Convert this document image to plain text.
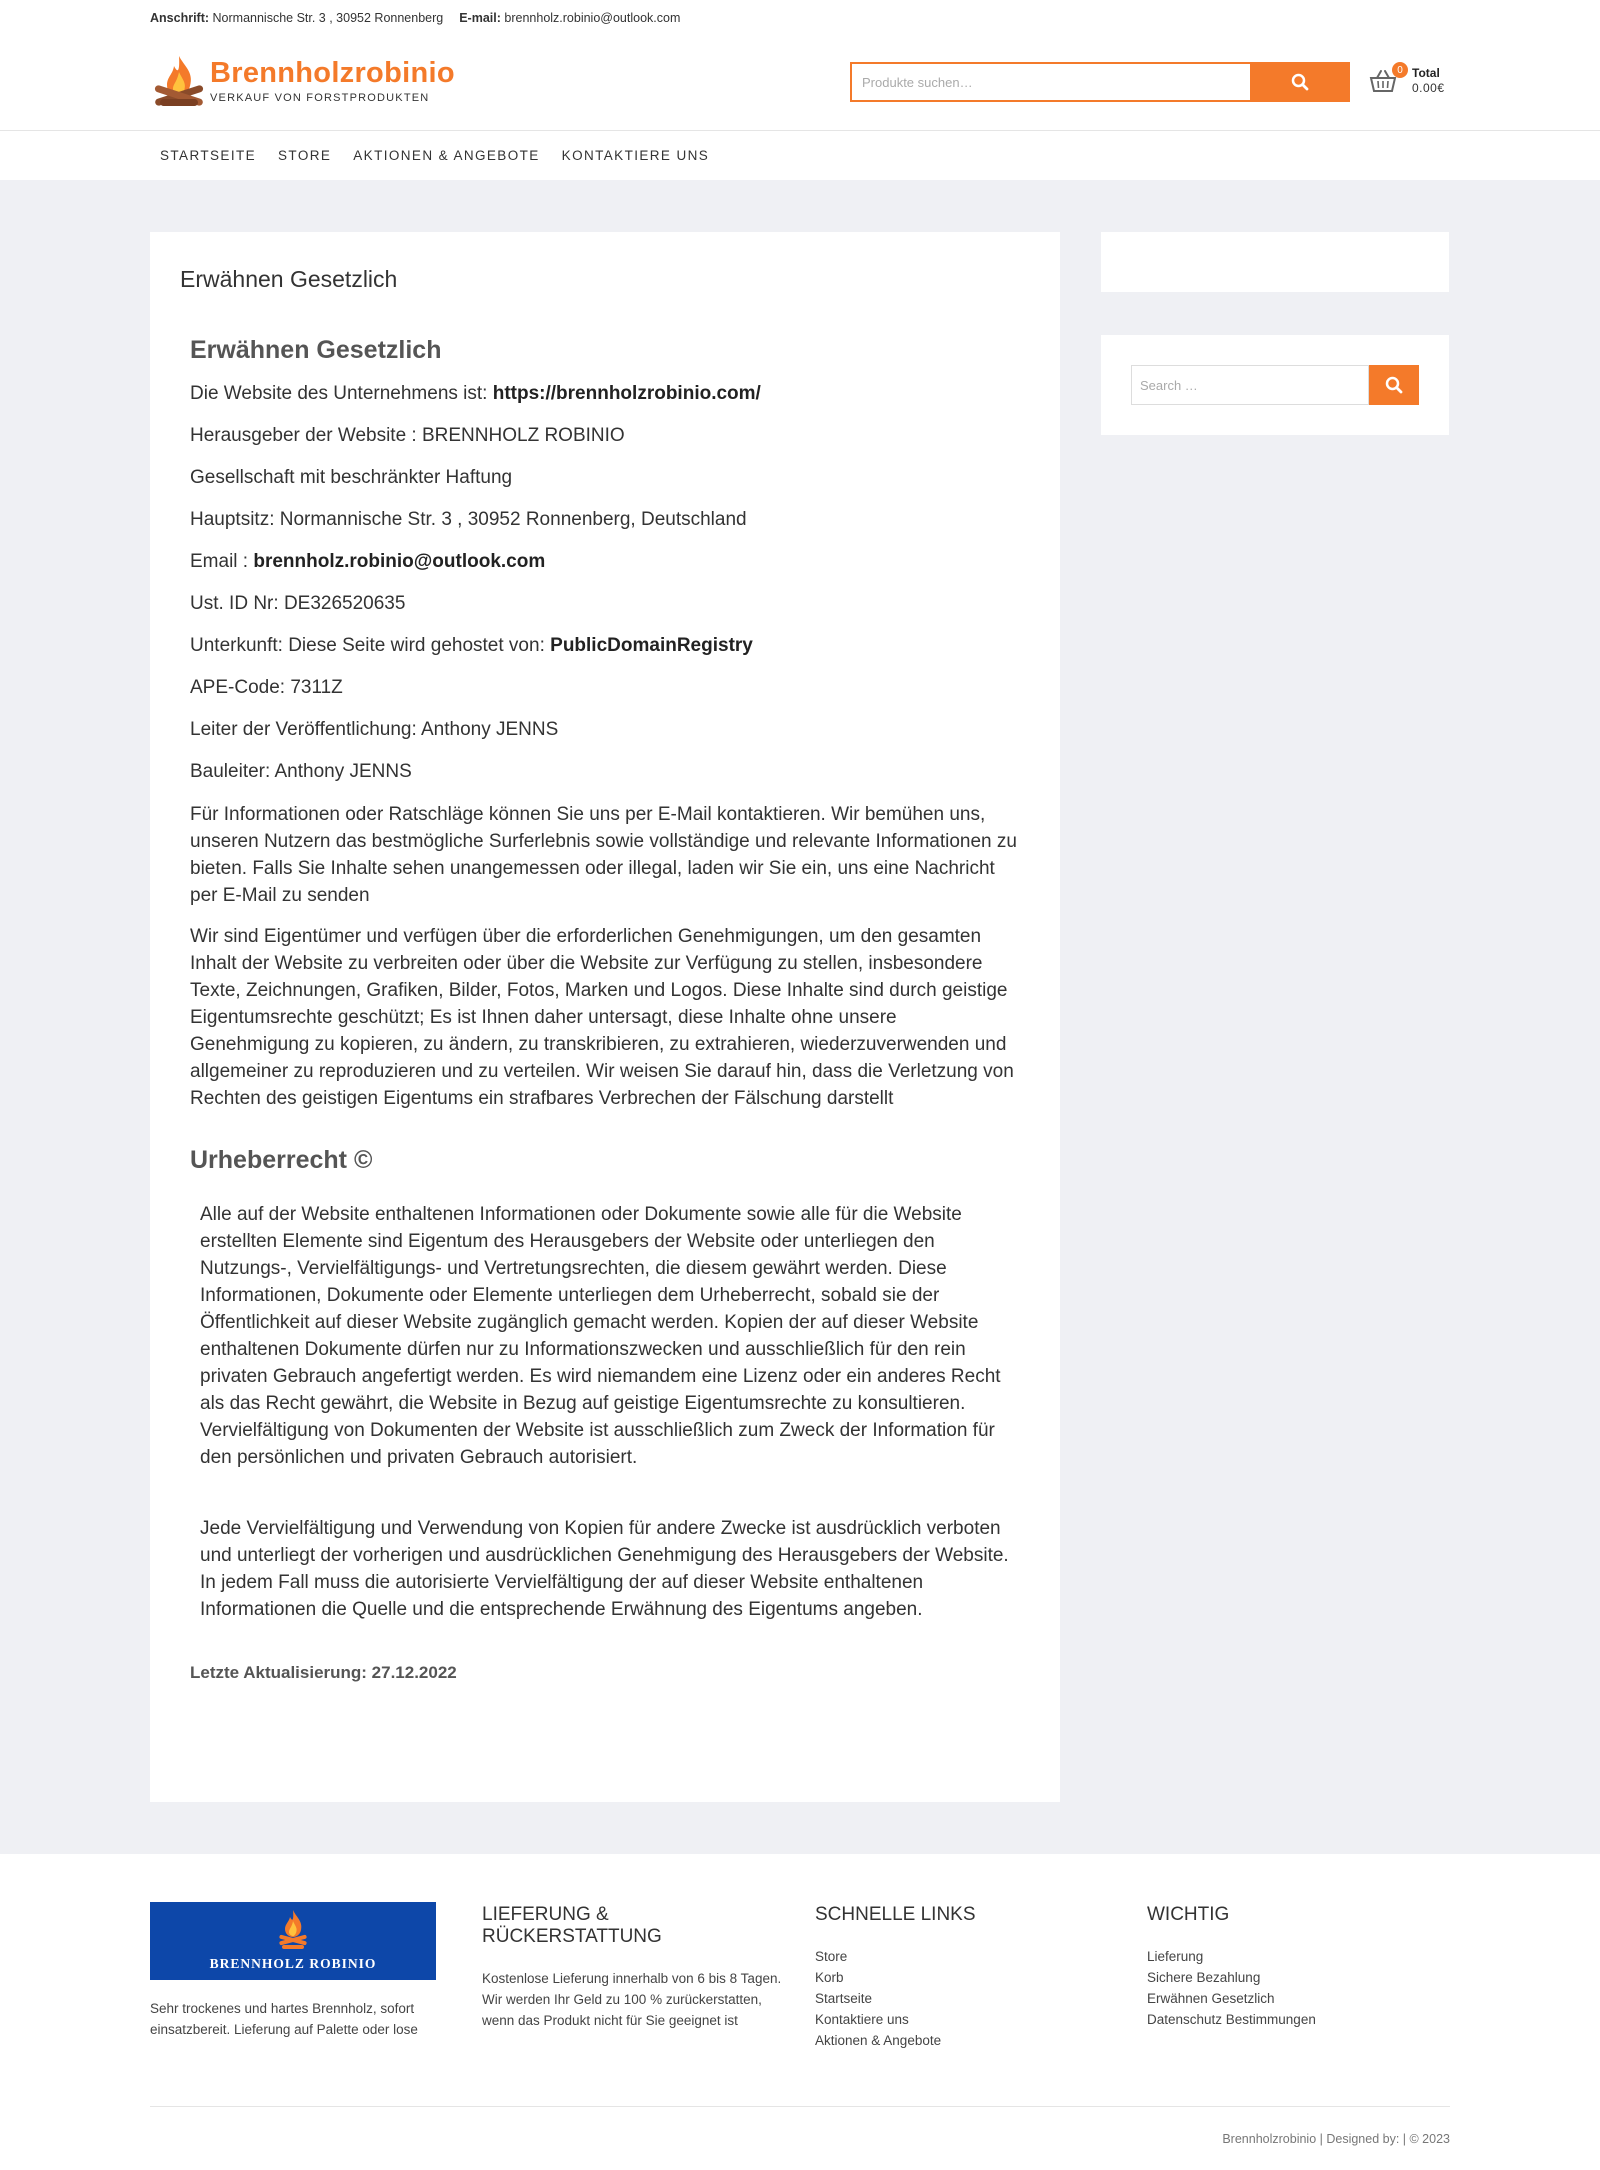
Anschrift:
Normannische Str. 3 , 30952 Ronnenberg E-mail:
brennholz.robinio@outlook.com
Brennholzrobinio
VERKAUF VON FORSTPRODUKTEN
Produkte suchen…
0 Total
0.00€
STARTSEITE STORE AKTIONEN & ANGEBOTE KONTAKTIERE UNS
Erwähnen Gesetzlich
Erwähnen Gesetzlich

Die Website des Unternehmens ist: https://brennholzrobinio.com/

Herausgeber der Website : BRENNHOLZ ROBINIO

Gesellschaft mit beschränkter Haftung

Hauptsitz: Normannische Str. 3 , 30952 Ronnenberg, Deutschland

Email : brennholz.robinio@outlook.com

Ust. ID Nr: DE326520635

Unterkunft: Diese Seite wird gehostet von: PublicDomainRegistry

APE-Code: 7311Z

Leiter der Veröffentlichung: Anthony JENNS

Bauleiter: Anthony JENNS

Für Informationen oder Ratschläge können Sie uns per E-Mail kontaktieren. Wir bemühen uns, unseren Nutzern das bestmögliche Surferlebnis sowie vollständige und relevante Informationen zu bieten. Falls Sie Inhalte sehen unangemessen oder illegal, laden wir Sie ein, uns eine Nachricht per E-Mail zu senden

Wir sind Eigentümer und verfügen über die erforderlichen Genehmigungen, um den gesamten Inhalt der Website zu verbreiten oder über die Website zur Verfügung zu stellen, insbesondere Texte, Zeichnungen, Grafiken, Bilder, Fotos, Marken und Logos. Diese Inhalte sind durch geistige Eigentumsrechte geschützt; Es ist Ihnen daher untersagt, diese Inhalte ohne unsere Genehmigung zu kopieren, zu ändern, zu transkribieren, zu extrahieren, wiederzuverwenden und allgemeiner zu reproduzieren und zu verteilen. Wir weisen Sie darauf hin, dass die Verletzung von Rechten des geistigen Eigentums ein strafbares Verbrechen der Fälschung darstellt

Urheberrecht ©

Alle auf der Website enthaltenen Informationen oder Dokumente sowie alle für die Website erstellten Elemente sind Eigentum des Herausgebers der Website oder unterliegen den Nutzungs-, Vervielfältigungs- und Vertretungsrechten, die diesem gewährt werden. Diese Informationen, Dokumente oder Elemente unterliegen dem Urheberrecht, sobald sie der Öffentlichkeit auf dieser Website zugänglich gemacht werden. Kopien der auf dieser Website enthaltenen Dokumente dürfen nur zu Informationszwecken und ausschließlich für den rein privaten Gebrauch angefertigt werden. Es wird niemandem eine Lizenz oder ein anderes Recht als das Recht gewährt, die Website in Bezug auf geistige Eigentumsrechte zu konsultieren. Vervielfältigung von Dokumenten der Website ist ausschließlich zum Zweck der Information für den persönlichen und privaten Gebrauch autorisiert.

Jede Vervielfältigung und Verwendung von Kopien für andere Zwecke ist ausdrücklich verboten und unterliegt der vorherigen und ausdrücklichen Genehmigung des Herausgebers der Website. In jedem Fall muss die autorisierte Vervielfältigung der auf dieser Website enthaltenen Informationen die Quelle und die entsprechende Erwähnung des Eigentums angeben.

Letzte Aktualisierung: 27.12.2022
Search …
BRENNHOLZ ROBINIO
Sehr trockenes und hartes Brennholz, sofort einsatzbereit. Lieferung auf Palette oder lose
LIEFERUNG & RÜCKERSTATTUNG

Kostenlose Lieferung innerhalb von 6 bis 8 Tagen. Wir werden Ihr Geld zu 100 % zurückerstatten, wenn das Produkt nicht für Sie geeignet ist

SCHNELLE LINKS
Store
Korb
Startseite
Kontaktiere uns
Aktionen & Angebote
WICHTIG
Lieferung
Sichere Bezahlung
Erwähnen Gesetzlich
Datenschutz Bestimmungen
Brennholzrobinio | Designed by: | © 2023
